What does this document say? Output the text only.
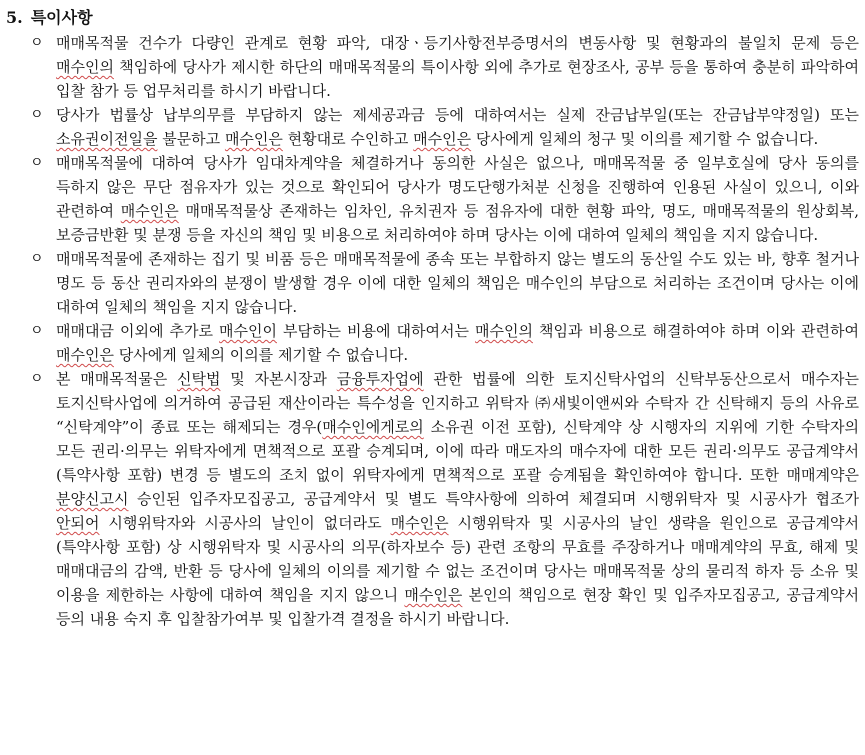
5. 특이사항
ㅇ 매매목적물 건수가 다량인 관계로 현황 파악, 대장ㆍ등기사항전부증명서의 변동사항 및 현황과의 불일치 문제 등은 매수인의 책임하에 당사가 제시한 하단의 매매목적물의 특이사항 외에 추가로 현장조사, 공부 등을 통하여 충분히 파악하여 입찰 참가 등 업무처리를 하시기 바랍니다.
ㅇ 당사가 법률상 납부의무를 부담하지 않는 제세공과금 등에 대하여서는 실제 잔금납부일(또는 잔금납부약정일) 또는 소유권이전일을 불문하고 매수인은 현황대로 수인하고 매수인은 당사에게 일체의 청구 및 이의를 제기할 수 없습니다.
ㅇ 매매목적물에 대하여 당사가 임대차계약을 체결하거나 동의한 사실은 없으나, 매매목적물 중 일부호실에 당사 동의를 득하지 않은 무단 점유자가 있는 것으로 확인되어 당사가 명도단행가처분 신청을 진행하여 인용된 사실이 있으니, 이와 관련하여 매수인은 매매목적물상 존재하는 임차인, 유치권자 등 점유자에 대한 현황 파악, 명도, 매매목적물의 원상회복, 보증금반환 및 분쟁 등을 자신의 책임 및 비용으로 처리하여야 하며 당사는 이에 대하여 일체의 책임을 지지 않습니다.
ㅇ 매매목적물에 존재하는 집기 및 비품 등은 매매목적물에 종속 또는 부합하지 않는 별도의 동산일 수도 있는 바, 향후 철거나 명도 등 동산 권리자와의 분쟁이 발생할 경우 이에 대한 일체의 책임은 매수인의 부담으로 처리하는 조건이며 당사는 이에 대하여 일체의 책임을 지지 않습니다.
ㅇ 매매대금 이외에 추가로 매수인이 부담하는 비용에 대하여서는 매수인의 책임과 비용으로 해결하여야 하며 이와 관련하여 매수인은 당사에게 일체의 이의를 제기할 수 없습니다.
ㅇ 본 매매목적물은 신탁법 및 자본시장과 금융투자업에 관한 법률에 의한 토지신탁사업의 신탁부동산으로서 매수자는 토지신탁사업에 의거하여 공급된 재산이라는 특수성을 인지하고 위탁자 ㈜새빛이앤씨와 수탁자 간 신탁해지 등의 사유로 “신탁계약”이 종료 또는 해제되는 경우(매수인에게로의 소유권 이전 포함), 신탁계약 상 시행자의 지위에 기한 수탁자의 모든 권리·의무는 위탁자에게 면책적으로 포괄 승계되며, 이에 따라 매도자의 매수자에 대한 모든 권리·의무도 공급계약서(특약사항 포함) 변경 등 별도의 조치 없이 위탁자에게 면책적으로 포괄 승계됨을 확인하여야 합니다. 또한 매매계약은 분양신고시 승인된 입주자모집공고, 공급계약서 및 별도 특약사항에 의하여 체결되며 시행위탁자 및 시공사가 협조가 안되어 시행위탁자와 시공사의 날인이 없더라도 매수인은 시행위탁자 및 시공사의 날인 생략을 원인으로 공급계약서(특약사항 포함) 상 시행위탁자 및 시공사의 의무(하자보수 등) 관련 조항의 무효를 주장하거나 매매계약의 무효, 해제 및 매매대금의 감액, 반환 등 당사에 일체의 이의를 제기할 수 없는 조건이며 당사는 매매목적물 상의 물리적 하자 등 소유 및 이용을 제한하는 사항에 대하여 책임을 지지 않으니 매수인은 본인의 책임으로 현장 확인 및 입주자모집공고, 공급계약서 등의 내용 숙지 후 입찰참가여부 및 입찰가격 결정을 하시기 바랍니다.
